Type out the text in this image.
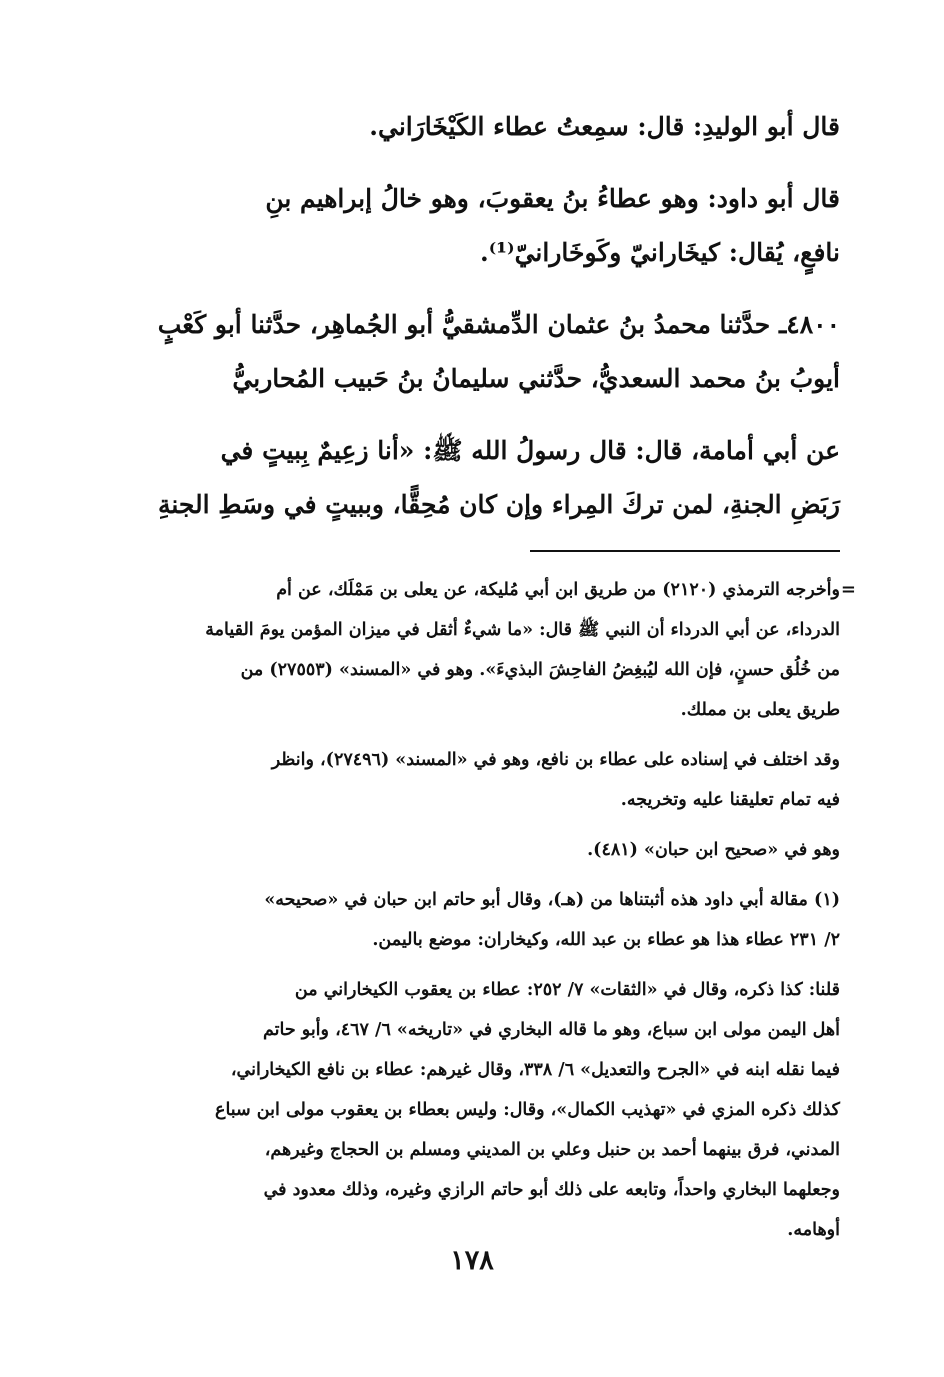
قال أبو الوليدِ: قال: سمِعتُ عطاء الكَيْخَارَاني.

قال أبو داود: وهو عطاءُ بنُ يعقوبَ، وهو خالُ إبراهيم بنِ
نافعٍ، يُقال: كيخَارانيّ وكَوخَارانيّ⁽¹⁾.

٤٨٠٠ـ حدَّثنا محمدُ بنُ عثمان الدِّمشقيُّ أبو الجُماهِر، حدَّثنا أبو كَعْبٍ
أيوبُ بنُ محمد السعديُّ، حدَّثني سليمانُ بنُ حَبيب المُحاربيُّ

عن أبي أمامة، قال: قال رسولُ الله ﷺ: «أنا زعِيمٌ بِبيتٍ في
رَبَضِ الجنةِ، لمن تركَ المِراء وإن كان مُحِقًّا، وببيتٍ في وسَطِ الجنةِ

=
وأخرجه الترمذي (٢١٢٠) من طريق ابن أبي مُليكة، عن يعلى بن مَمْلَك، عن أم
الدرداء، عن أبي الدرداء أن النبي ﷺ قال: «ما شيءٌ أثقل في ميزان المؤمن يومَ القيامة
من خُلُق حسنٍ، فإن الله ليُبغِضُ الفاحِشَ البذيءَ». وهو في «المسند» (٢٧٥٥٣) من
طريق يعلى بن مملك.

وقد اختلف في إسناده على عطاء بن نافع، وهو في «المسند» (٢٧٤٩٦)، وانظر
فيه تمام تعليقنا عليه وتخريجه.

وهو في «صحيح ابن حبان» (٤٨١).

(١) مقالة أبي داود هذه أثبتناها من (هـ)، وقال أبو حاتم ابن حبان في «صحيحه»
٢/ ٢٣١ عطاء هذا هو عطاء بن عبد الله، وكيخاران: موضع باليمن.

قلنا: كذا ذكره، وقال في «الثقات» ٧/ ٢٥٢: عطاء بن يعقوب الكيخاراني من
أهل اليمن مولى ابن سباع، وهو ما قاله البخاري في «تاريخه» ٦/ ٤٦٧، وأبو حاتم
فيما نقله ابنه في «الجرح والتعديل» ٦/ ٣٣٨، وقال غيرهم: عطاء بن نافع الكيخاراني،
كذلك ذكره المزي في «تهذيب الكمال»، وقال: وليس بعطاء بن يعقوب مولى ابن سباع
المدني، فرق بينهما أحمد بن حنبل وعلي بن المديني ومسلم بن الحجاج وغيرهم،
وجعلهما البخاري واحداً، وتابعه على ذلك أبو حاتم الرازي وغيره، وذلك معدود في
أوهامه.

١٧٨
